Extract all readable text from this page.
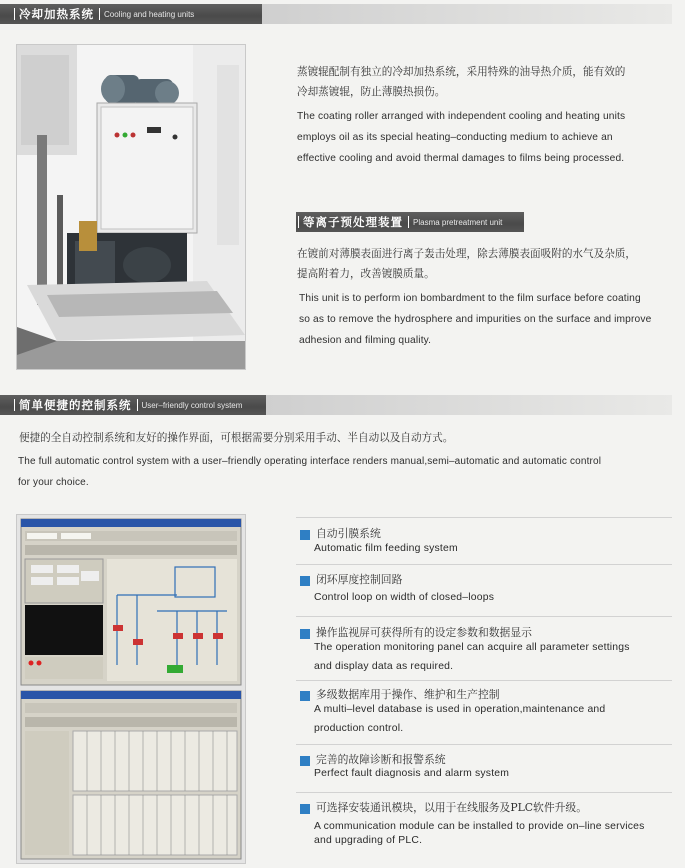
冷却加热系统 Cooling and heating units
蒸镀辊配制有独立的冷却加热系统，采用特殊的油导热介质，能有效的
冷却蒸镀辊，防止薄膜热损伤。
The coating roller arranged with independent cooling and heating units
employs oil as its special heating–conducting medium to achieve an
effective cooling and avoid thermal damages to films being processed.
等离子预处理装置 Plasma pretreatment unit
在镀前对薄膜表面进行离子轰击处理，除去薄膜表面吸附的水气及杂质，
提高附着力，改善镀膜质量。
This unit is to perform ion bombardment to the film surface before coating
so as to remove the hydrosphere and impurities on the surface and improve
adhesion and filming quality.
简单便捷的控制系统 User–friendly control system
便捷的全自动控制系统和友好的操作界面，可根据需要分别采用手动、半自动以及自动方式。
The full automatic control system with a user–friendly operating interface renders manual,semi–automatic and automatic control
for your choice.
自动引膜系统
Automatic film feeding system
闭环厚度控制回路
Control loop on width of closed–loops
操作监视屏可获得所有的设定参数和数据显示
The operation monitoring panel can acquire all parameter settings
and display data as required.
多级数据库用于操作、维护和生产控制
A multi–level database is used in operation,maintenance and
production control.
完善的故障诊断和报警系统
Perfect fault diagnosis and alarm system
可选择安装通讯模块，以用于在线服务及PLC软件升级。
A communication module can be installed to provide on–line services
and upgrading of PLC.
